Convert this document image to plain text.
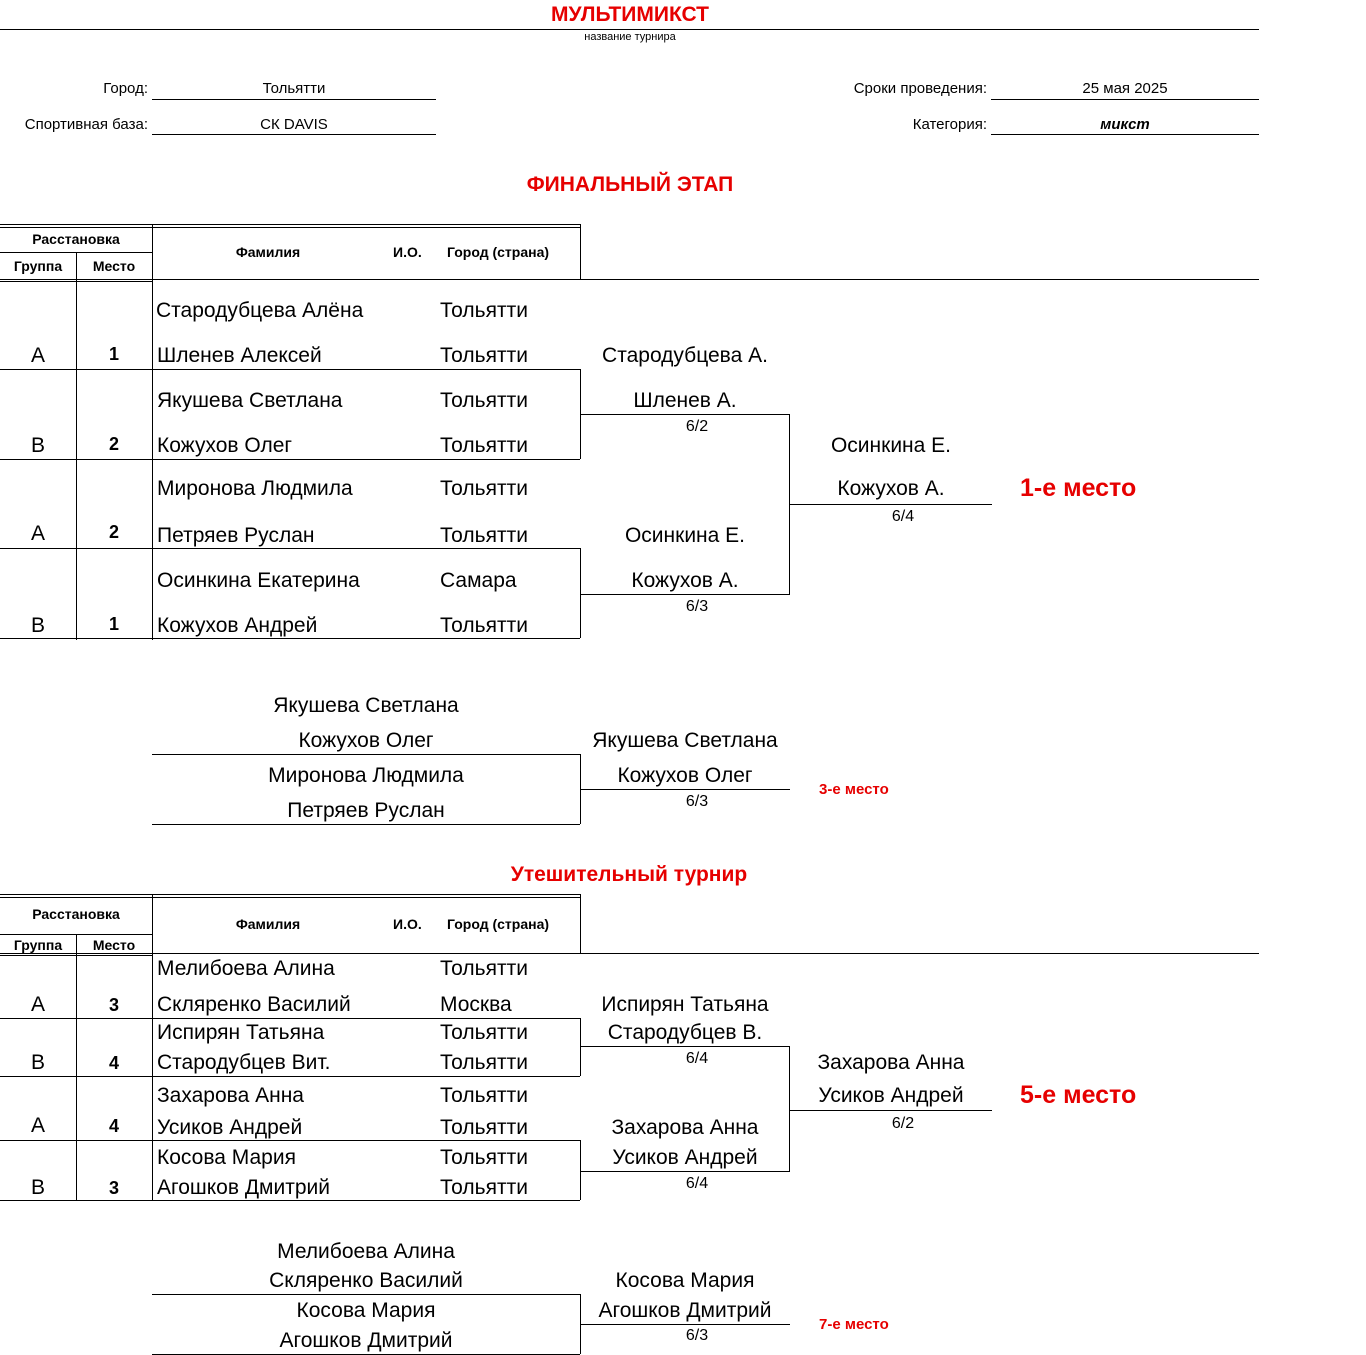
МУЛЬТИМИКСТ
название турнира
Город:	Тольятти
Спортивная база:	СК DAVIS
Сроки проведения:	25 мая 2025
Категория:	микст
ФИНАЛЬНЫЙ ЭТАП
Расстановка
Группа	Место
Фамилия	И.О. Город (страна)
Стародубцева Алёна	Тольятти
А	1	Шленев Алексей	Тольятти
Якушева Светлана	Тольятти
В	2	Кожухов Олег	Тольятти
Миронова Людмила	Тольятти
А	2	Петряев Руслан	Тольятти
Осинкина Екатерина	Самара
В	1	Кожухов Андрей	Тольятти
Стародубцева А.
Шленев А.
6/2
Осинкина Е.
Кожухов А.
6/3
Осинкина Е.
Кожухов А.
6/4
1-е место
Якушева Светлана
Кожухов Олег
Миронова Людмила
Петряев Руслан
Якушева Светлана
Кожухов Олег
6/3
3-е место
Утешительный турнир
Расстановка
Группа	Место
Фамилия	И.О. Город (страна)
Мелибоева Алина	Тольятти
А	3	Скляренко Василий	Москва
Испирян Татьяна	Тольятти
В	4	Стародубцев Вит.	Тольятти
Захарова Анна	Тольятти
А	4	Усиков Андрей	Тольятти
Косова Мария	Тольятти
В	3	Агошков Дмитрий	Тольятти
Испирян Татьяна
Стародубцев В.
6/4
Захарова Анна
Усиков Андрей
6/4
Захарова Анна
Усиков Андрей
6/2
5-е место
Мелибоева Алина
Скляренко Василий
Косова Мария
Агошков Дмитрий
Косова Мария
Агошков Дмитрий
6/3
7-е место
